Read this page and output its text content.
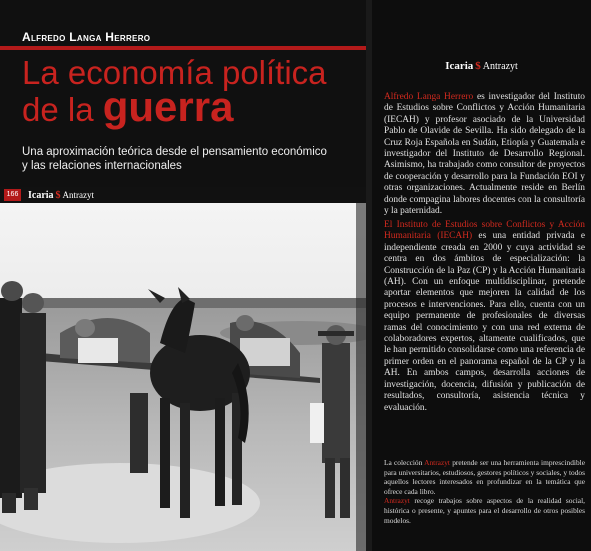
Alfredo Langa Herrero
La economía política
de la guerra
Una aproximación teórica desde el pensamiento económico
y las relaciones internacionales
166 Icaria $ Antrazyt
Icaria $ Antrazyt
Alfredo Langa Herrero es investigador del Instituto de Estudios sobre Conflictos y Acción Humanitaria (IECAH) y profesor asociado de la Universidad Pablo de Olavide de Sevilla. Ha sido delegado de la Cruz Roja Española en Sudán, Etiopía y Guatemala e investigador del Instituto de Desarrollo Regional. Asimismo, ha trabajado como consultor de proyectos de cooperación y desarrollo para la Fundación EOI y otras organizaciones. Actualmente reside en Berlín donde compagina labores docentes con la consultoría y la paternidad.
El Instituto de Estudios sobre Conflictos y Acción Humanitaria (IECAH) es una entidad privada e independiente creada en 2000 y cuya actividad se centra en dos ámbitos de especialización: la Construcción de la Paz (CP) y la Acción Humanitaria (AH). Con un enfoque multidisciplinar, pretende aportar elementos que mejoren la calidad de los procesos e intervenciones. Para ello, cuenta con un equipo permanente de profesionales de diversas ramas del conocimiento y con una red externa de colaboradores expertos, altamente cualificados, que le han permitido consolidarse como una referencia de primer orden en el panorama español de la CP y la AH. En ambos campos, desarrolla acciones de investigación, docencia, difusión y publicación de resultados, consultoría, asistencia técnica y evaluación.

La colección Antrazyt pretende ser una herramienta imprescindible para universitarios, estudiosos, gestores políticos y sociales, y todos aquellos lectores interesados en profundizar en la temática que ofrece cada libro.

Antrazyt recoge trabajos sobre aspectos de la realidad social, histórica o presente, y apuntes para el desarrollo de otros posibles modelos.
